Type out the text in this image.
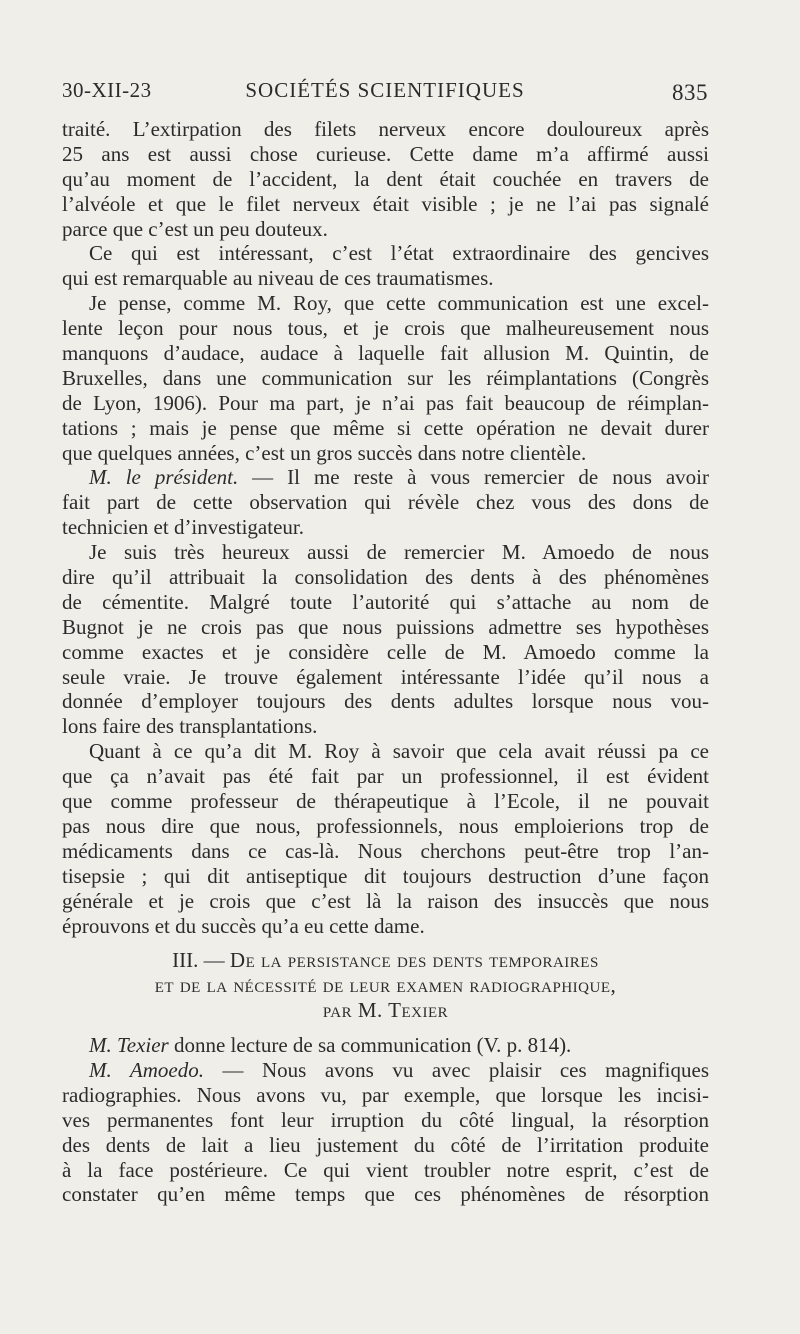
30-XII-23	SOCIÉTÉS SCIENTIFIQUES	835
traité. L’extirpation des filets nerveux encore douloureux après
25 ans est aussi chose curieuse. Cette dame m’a affirmé aussi
qu’au moment de l’accident, la dent était couchée en travers de
l’alvéole et que le filet nerveux était visible ; je ne l’ai pas signalé
parce que c’est un peu douteux.
Ce qui est intéressant, c’est l’état extraordinaire des gencives
qui est remarquable au niveau de ces traumatismes.
Je pense, comme M. Roy, que cette communication est une excel-
lente leçon pour nous tous, et je crois que malheureusement nous
manquons d’audace, audace à laquelle fait allusion M. Quintin, de
Bruxelles, dans une communication sur les réimplantations (Congrès
de Lyon, 1906). Pour ma part, je n’ai pas fait beaucoup de réimplan-
tations ; mais je pense que même si cette opération ne devait durer
que quelques années, c’est un gros succès dans notre clientèle.
M. le président. — Il me reste à vous remercier de nous avoir
fait part de cette observation qui révèle chez vous des dons de
technicien et d’investigateur.
Je suis très heureux aussi de remercier M. Amoedo de nous
dire qu’il attribuait la consolidation des dents à des phénomènes
de cémentite. Malgré toute l’autorité qui s’attache au nom de
Bugnot je ne crois pas que nous puissions admettre ses hypothèses
comme exactes et je considère celle de M. Amoedo comme la
seule vraie. Je trouve également intéressante l’idée qu’il nous a
donnée d’employer toujours des dents adultes lorsque nous vou-
lons faire des transplantations.
Quant à ce qu’a dit M. Roy à savoir que cela avait réussi pa ce
que ça n’avait pas été fait par un professionnel, il est évident
que comme professeur de thérapeutique à l’Ecole, il ne pouvait
pas nous dire que nous, professionnels, nous emploierions trop de
médicaments dans ce cas-là. Nous cherchons peut-être trop l’an-
tisepsie ; qui dit antiseptique dit toujours destruction d’une façon
générale et je crois que c’est là la raison des insuccès que nous
éprouvons et du succès qu’a eu cette dame.
III. — De la persistance des dents temporaires
et de la nécessité de leur examen radiographique,
par M. Texier
M. Texier donne lecture de sa communication (V. p. 814).
M. Amoedo. — Nous avons vu avec plaisir ces magnifiques
radiographies. Nous avons vu, par exemple, que lorsque les incisi-
ves permanentes font leur irruption du côté lingual, la résorption
des dents de lait a lieu justement du côté de l’irritation produite
à la face postérieure. Ce qui vient troubler notre esprit, c’est de
constater qu’en même temps que ces phénomènes de résorption
